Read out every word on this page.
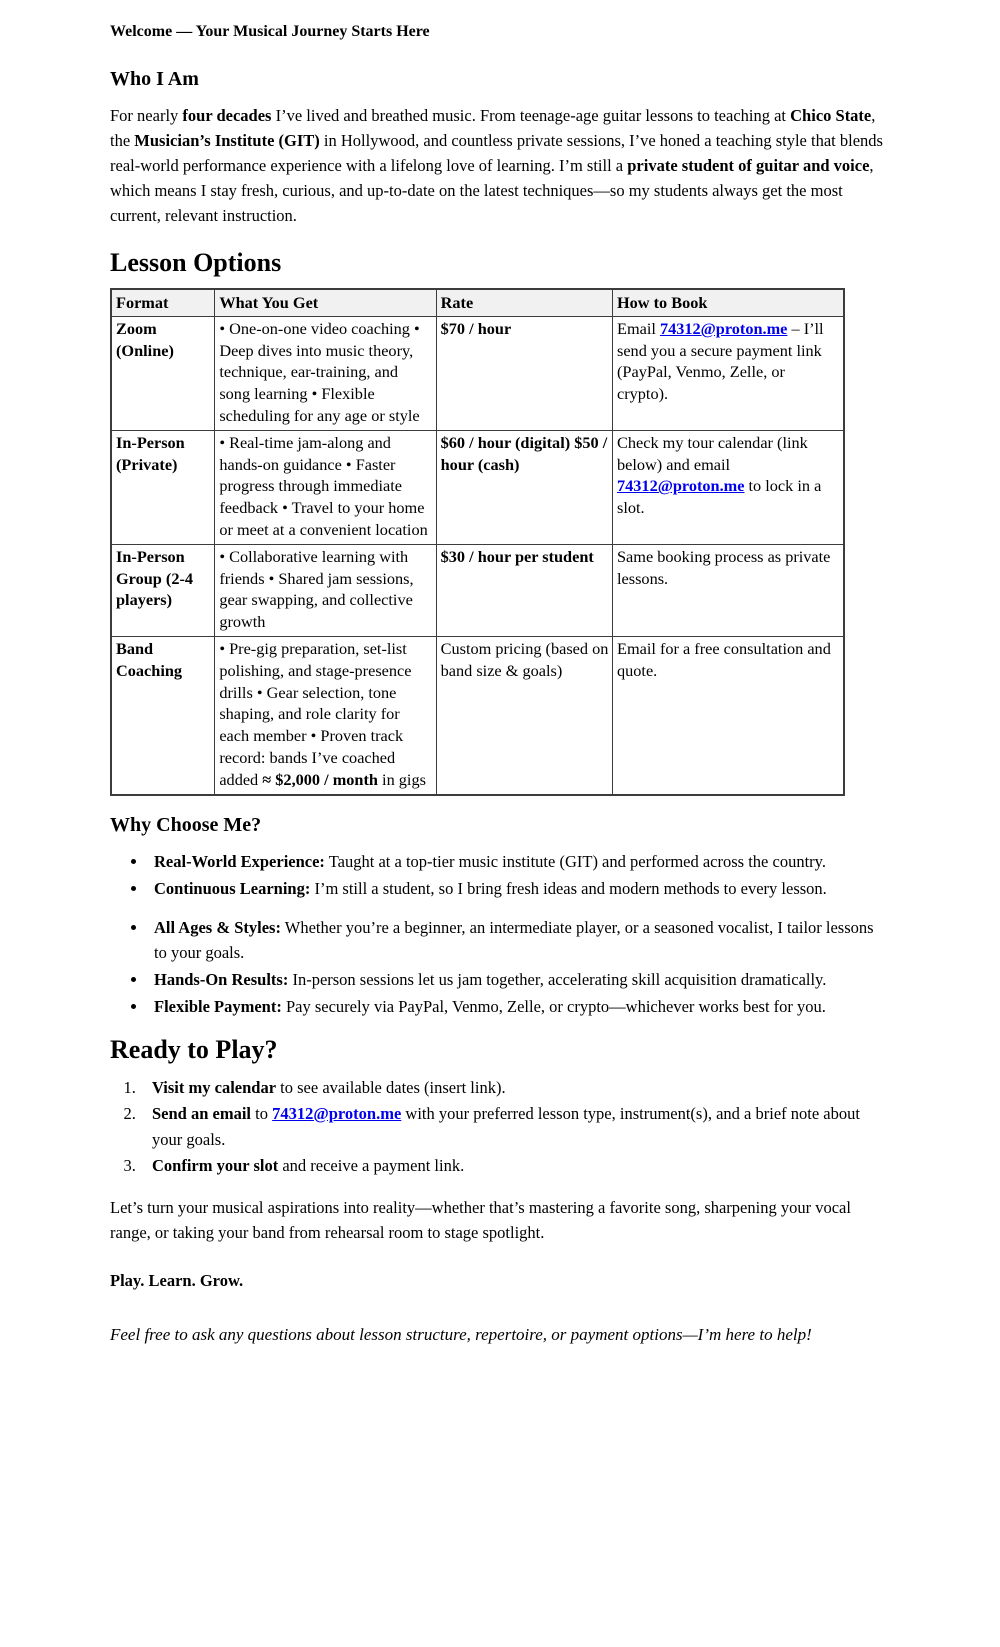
Welcome — Your Musical Journey Starts Here

Who I Am

For nearly four decades I’ve lived and breathed music. From teenage-age guitar lessons to teaching at Chico State, the Musician’s Institute (GIT) in Hollywood, and countless private sessions, I’ve honed a teaching style that blends real-world performance experience with a lifelong love of learning. I’m still a private student of guitar and voice, which means I stay fresh, curious, and up-to-date on the latest techniques—so my students always get the most current, relevant instruction.

Lesson Options
Format	What You Get	Rate	How to Book
Zoom (Online)	• One-on-one video coaching • Deep dives into music theory, technique, ear-training, and song learning • Flexible scheduling for any age or style	$70 / hour	Email 74312@proton.me – I’ll send you a secure payment link (PayPal, Venmo, Zelle, or crypto).
In-Person (Private)	• Real-time jam-along and hands-on guidance • Faster progress through immediate feedback • Travel to your home or meet at a convenient location	$60 / hour (digital) $50 / hour (cash)	Check my tour calendar (link below) and email 74312@proton.me to lock in a slot.
In-Person Group (2-4 players)	• Collaborative learning with friends • Shared jam sessions, gear swapping, and collective growth	$30 / hour per student	Same booking process as private lessons.
Band Coaching	• Pre-gig preparation, set-list polishing, and stage-presence drills • Gear selection, tone shaping, and role clarity for each member • Proven track record: bands I’ve coached added ≈ $2,000 / month in gigs	Custom pricing (based on band size & goals)	Email for a free consultation and quote.
Why Choose Me?
• Real-World Experience: Taught at a top-tier music institute (GIT) and performed across the country.
• Continuous Learning: I’m still a student, so I bring fresh ideas and modern methods to every lesson.
• All Ages & Styles: Whether you’re a beginner, an intermediate player, or a seasoned vocalist, I tailor lessons to your goals.
• Hands-On Results: In-person sessions let us jam together, accelerating skill acquisition dramatically.
• Flexible Payment: Pay securely via PayPal, Venmo, Zelle, or crypto—whichever works best for you.
Ready to Play?
1. Visit my calendar to see available dates (insert link).
2. Send an email to 74312@proton.me with your preferred lesson type, instrument(s), and a brief note about your goals.
3. Confirm your slot and receive a payment link.

Let’s turn your musical aspirations into reality—whether that’s mastering a favorite song, sharpening your vocal range, or taking your band from rehearsal room to stage spotlight.

Play. Learn. Grow.

Feel free to ask any questions about lesson structure, repertoire, or payment options—I’m here to help!
